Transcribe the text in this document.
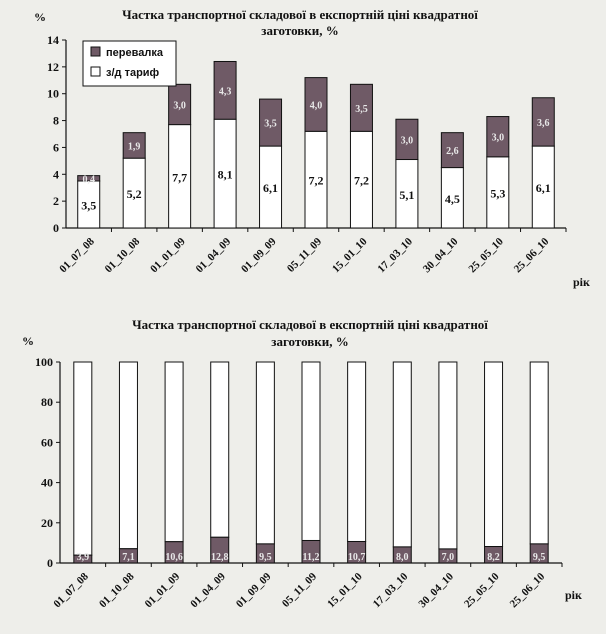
Частка транспортної складової в експортній ціні квадратної
заготовки, %
%
рік
0
2
4
6
8
10
12
14
3,5
0,4
5,2
1,9
7,7
3,0
8,1
4,3
6,1
3,5
7,2
4,0
7,2
3,5
5,1
3,0
4,5
2,6
5,3
3,0
6,1
3,6
01_07_08 01_10_08 01_01_09 01_04_09 01_09_09 05_11_09 15_01_10 17_03_10 30_04_10 25_05_10 25_06_10
перевалка
з/д тариф
Частка транспортної складової в експортній ціні квадратної
заготовки, %
%
рік
0
20
40
60
80
100
3,9	7,1	10,6	12,8	9,5	11,2	10,7	8,0	7,0	8,2	9,5
01_07_08 01_10_08 01_01_09 01_04_09 01_09_09 05_11_09 15_01_10 17_03_10 30_04_10 25_05_10 25_06_10
